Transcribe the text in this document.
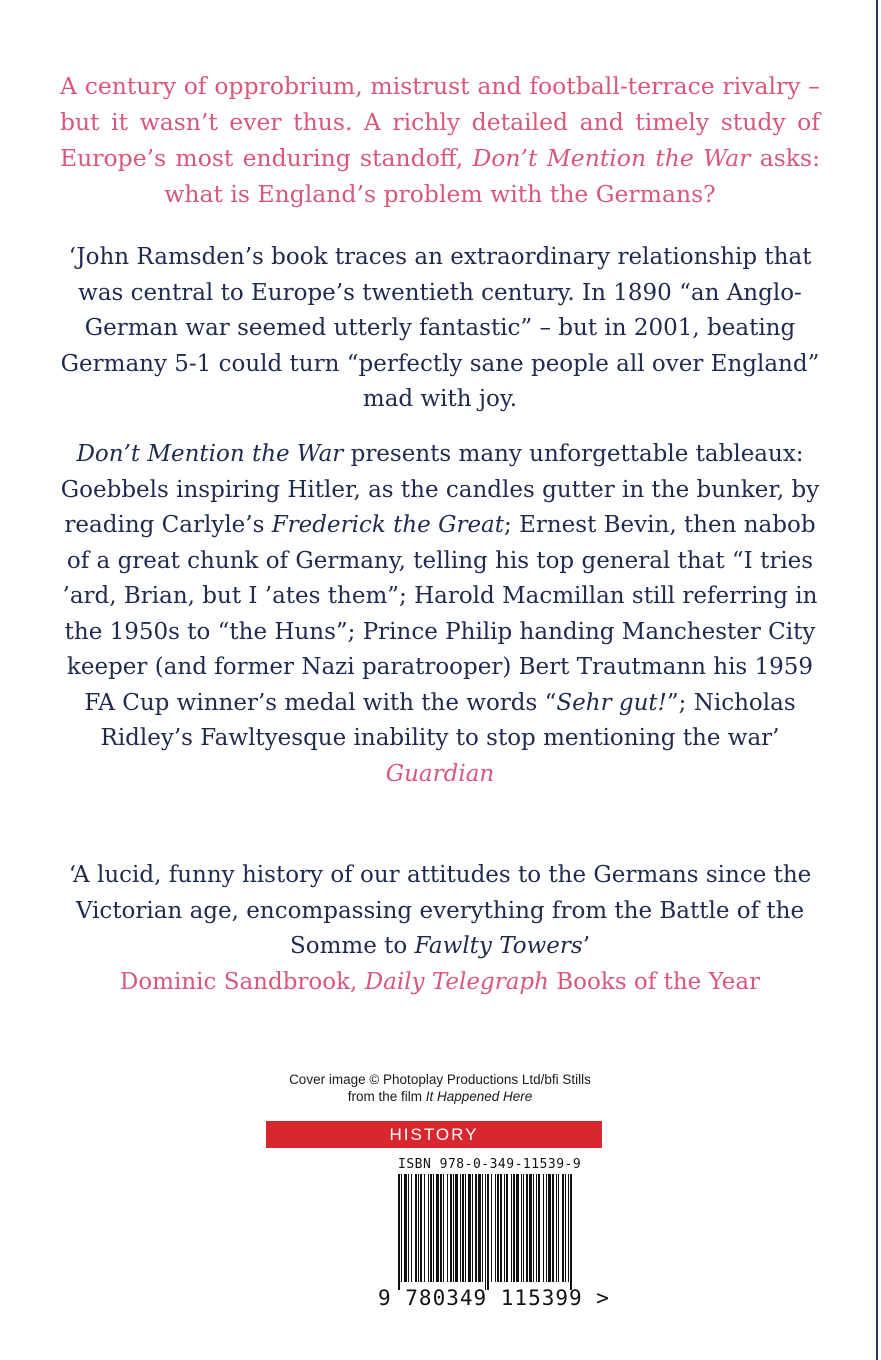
A century of opprobrium, mistrust and football-terrace rivalry – but it wasn’t ever thus. A richly detailed and timely study of Europe’s most enduring standoff, Don’t Mention the War asks: what is England’s problem with the Germans?

‘John Ramsden’s book traces an extraordinary relationship that was central to Europe’s twentieth century. In 1890 “an Anglo-German war seemed utterly fantastic” – but in 2001, beating Germany 5-1 could turn “perfectly sane people all over England” mad with joy.

Don’t Mention the War presents many unforgettable tableaux: Goebbels inspiring Hitler, as the candles gutter in the bunker, by reading Carlyle’s Frederick the Great; Ernest Bevin, then nabob of a great chunk of Germany, telling his top general that “I tries ’ard, Brian, but I ’ates them”; Harold Macmillan still referring in the 1950s to “the Huns”; Prince Philip handing Manchester City keeper (and former Nazi paratrooper) Bert Trautmann his 1959 FA Cup winner’s medal with the words “Sehr gut!”; Nicholas Ridley’s Fawltyesque inability to stop mentioning the war’
Guardian

‘A lucid, funny history of our attitudes to the Germans since the Victorian age, encompassing everything from the Battle of the Somme to Fawlty Towers’
Dominic Sandbrook, Daily Telegraph Books of the Year

Cover image © Photoplay Productions Ltd/bfi Stills
from the film It Happened Here
HISTORY
ISBN 978-0-349-11539-9
9 780349 115399 >
